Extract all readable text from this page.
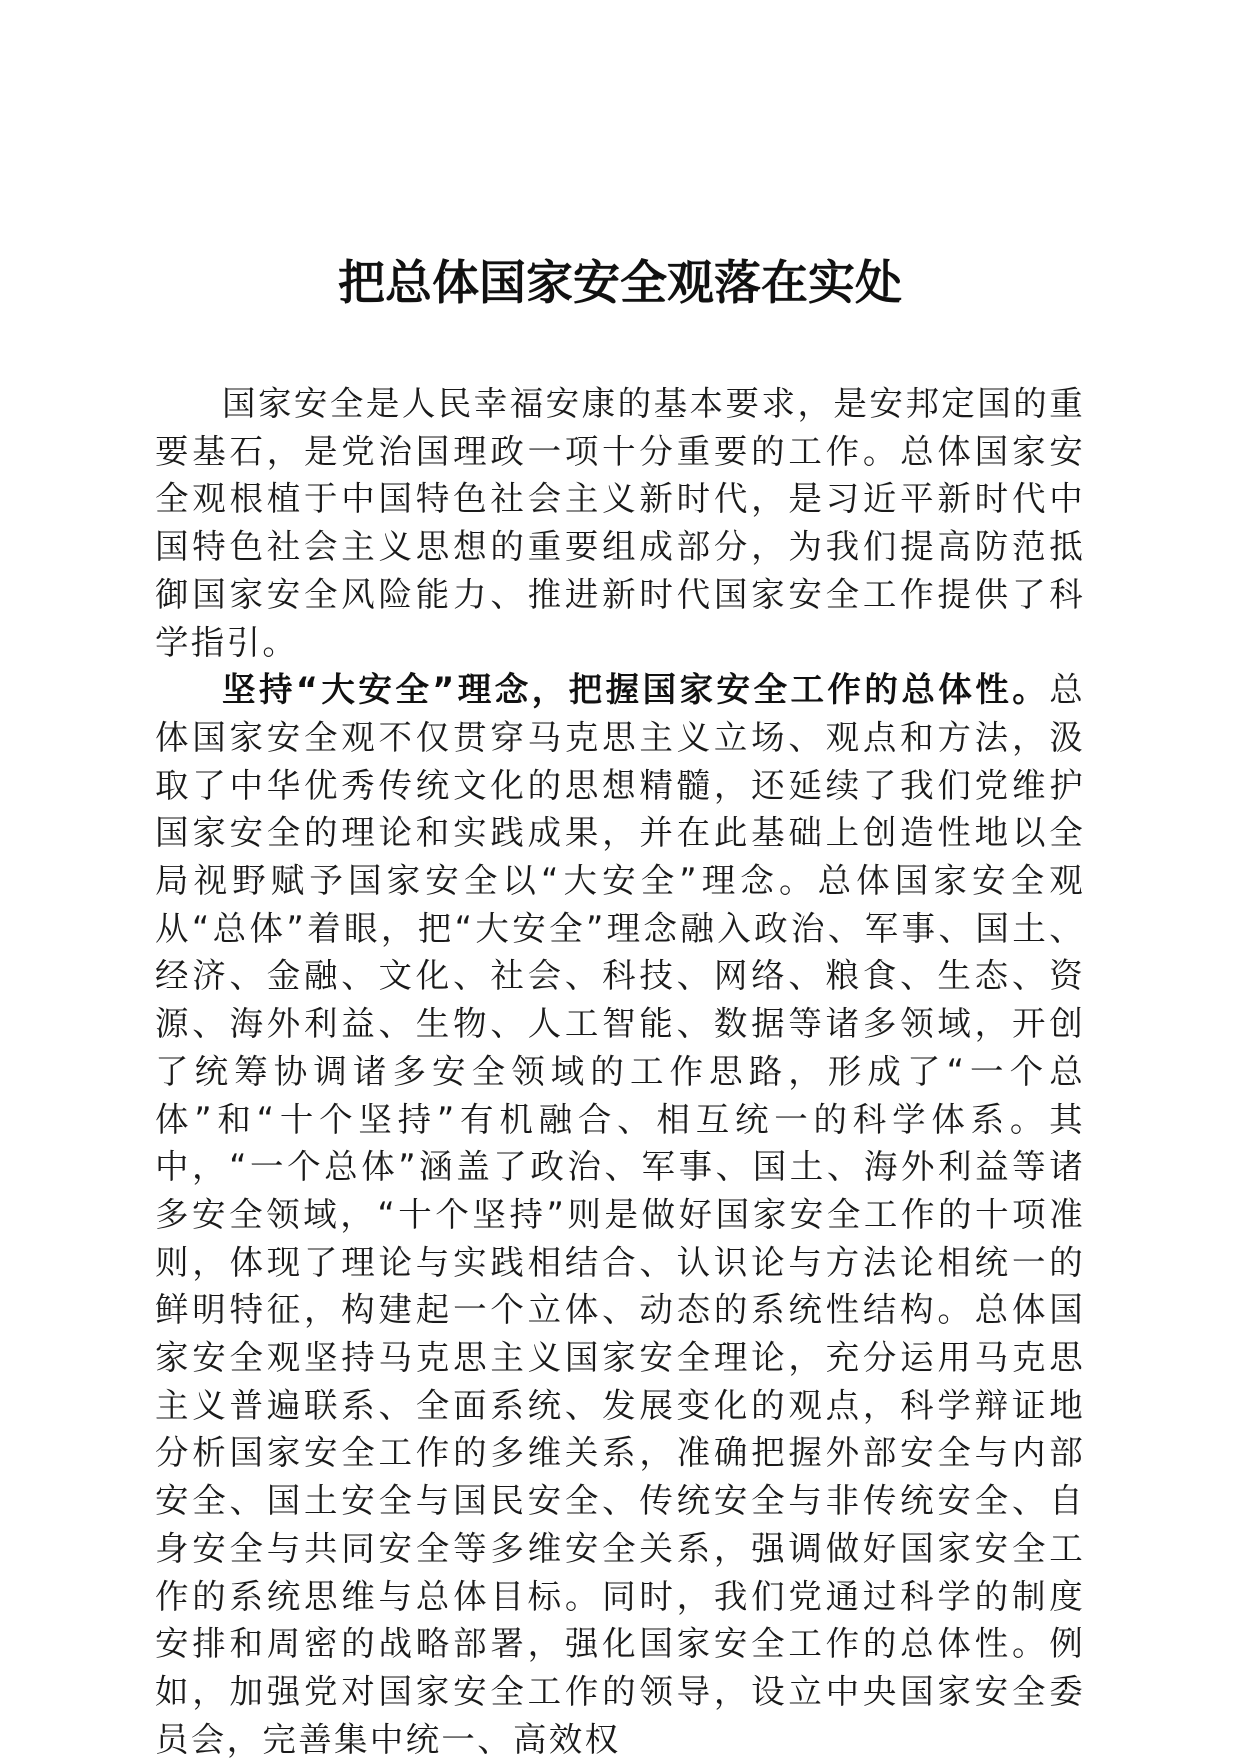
把总体国家安全观落在实处

国家安全是人民幸福安康的基本要求，是安邦定国的重要基石，是党治国理政一项十分重要的工作。总体国家安全观根植于中国特色社会主义新时代，是习近平新时代中国特色社会主义思想的重要组成部分，为我们提高防范抵御国家安全风险能力、推进新时代国家安全工作提供了科学指引。

坚持“大安全”理念，把握国家安全工作的总体性。总体国家安全观不仅贯穿马克思主义立场、观点和方法，汲取了中华优秀传统文化的思想精髓，还延续了我们党维护国家安全的理论和实践成果，并在此基础上创造性地以全局视野赋予国家安全以“大安全”理念。总体国家安全观从“总体”着眼，把“大安全”理念融入政治、军事、国土、经济、金融、文化、社会、科技、网络、粮食、生态、资源、海外利益、生物、人工智能、数据等诸多领域，开创了统筹协调诸多安全领域的工作思路，形成了“一个总体”和“十个坚持”有机融合、相互统一的科学体系。其中，“一个总体”涵盖了政治、军事、国土、海外利益等诸多安全领域，“十个坚持”则是做好国家安全工作的十项准则，体现了理论与实践相结合、认识论与方法论相统一的鲜明特征，构建起一个立体、动态的系统性结构。总体国家安全观坚持马克思主义国家安全理论，充分运用马克思主义普遍联系、全面系统、发展变化的观点，科学辩证地分析国家安全工作的多维关系，准确把握外部安全与内部安全、国土安全与国民安全、传统安全与非传统安全、自身安全与共同安全等多维安全关系，强调做好国家安全工作的系统思维与总体目标。同时，我们党通过科学的制度安排和周密的战略部署，强化国家安全工作的总体性。例如，加强党对国家安全工作的领导，设立中央国家安全委员会，完善集中统一、高效权
